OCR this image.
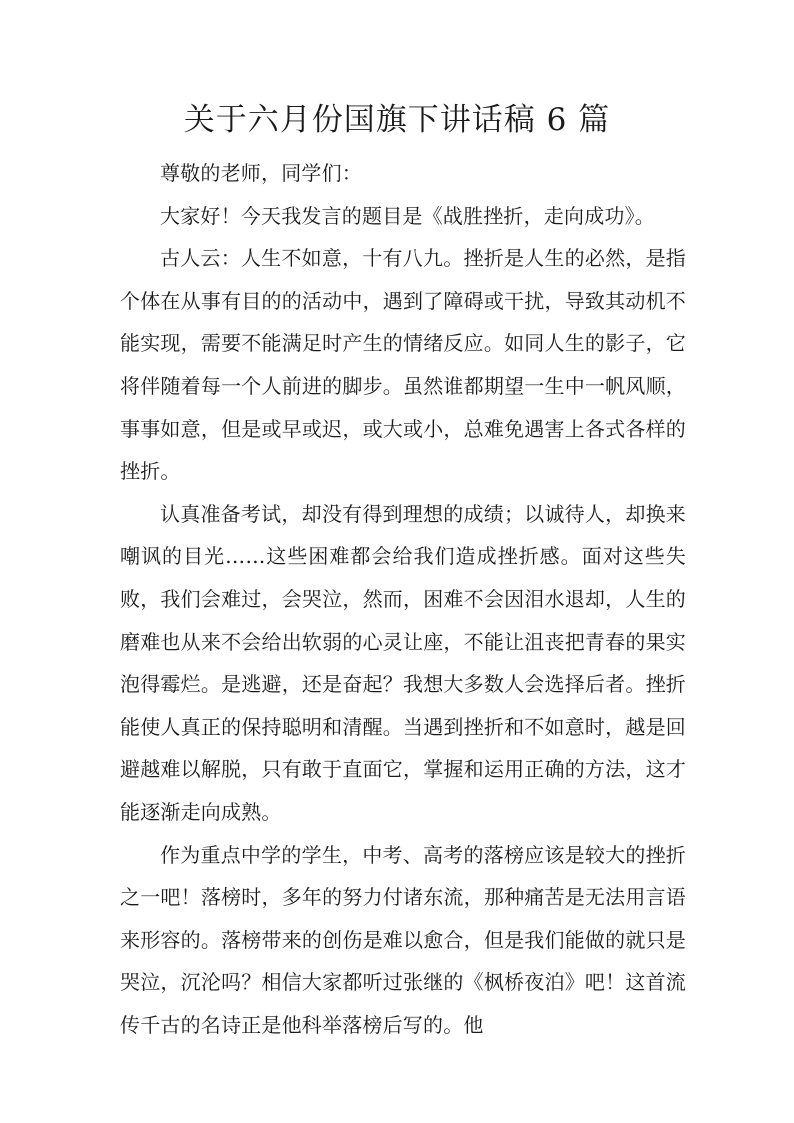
关于六月份国旗下讲话稿 6 篇

尊敬的老师，同学们：

大家好！今天我发言的题目是《战胜挫折，走向成功》。

古人云：人生不如意，十有八九。挫折是人生的必然，是指个体在从事有目的的活动中，遇到了障碍或干扰，导致其动机不能实现，需要不能满足时产生的情绪反应。如同人生的影子，它将伴随着每一个人前进的脚步。虽然谁都期望一生中一帆风顺，事事如意，但是或早或迟，或大或小，总难免遇害上各式各样的挫折。

认真准备考试，却没有得到理想的成绩；以诚待人，却换来嘲讽的目光……这些困难都会给我们造成挫折感。面对这些失败，我们会难过，会哭泣，然而，困难不会因泪水退却，人生的磨难也从来不会给出软弱的心灵让座，不能让沮丧把青春的果实泡得霉烂。是逃避，还是奋起？我想大多数人会选择后者。挫折能使人真正的保持聪明和清醒。当遇到挫折和不如意时，越是回避越难以解脱，只有敢于直面它，掌握和运用正确的方法，这才能逐渐走向成熟。

作为重点中学的学生，中考、高考的落榜应该是较大的挫折之一吧！落榜时，多年的努力付诸东流，那种痛苦是无法用言语来形容的。落榜带来的创伤是难以愈合，但是我们能做的就只是哭泣，沉沦吗？相信大家都听过张继的《枫桥夜泊》吧！这首流传千古的名诗正是他科举落榜后写的。他
